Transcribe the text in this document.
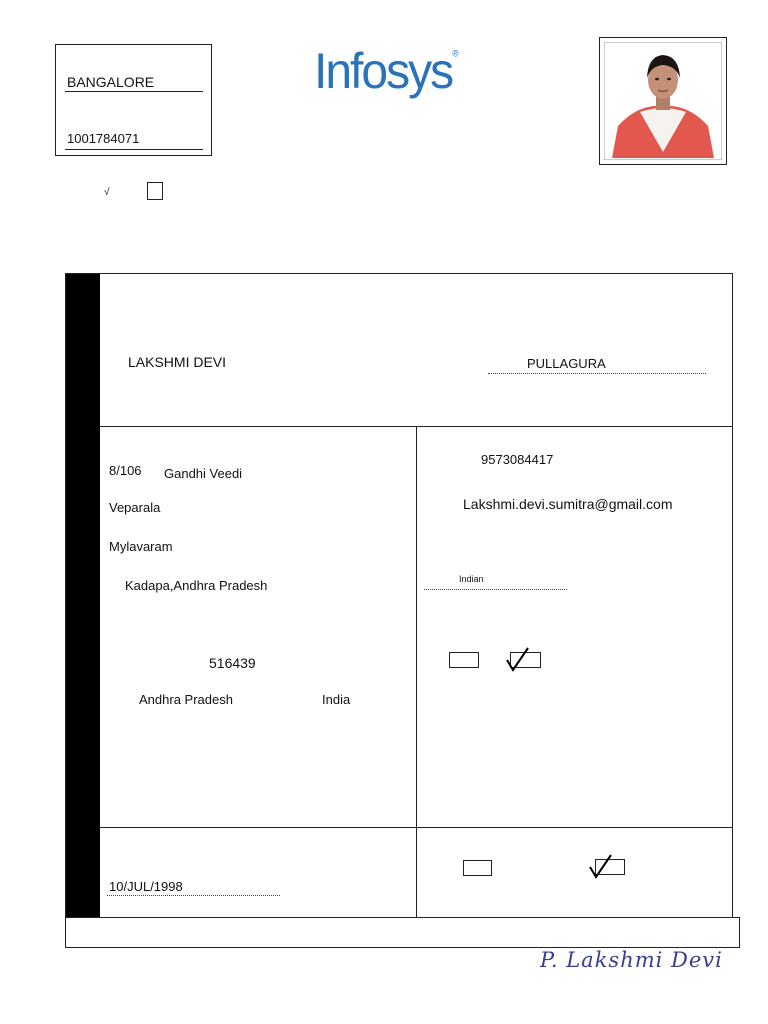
BANGALORE
1001784071
Infosys®
√
LAKSHMI DEVI	PULLAGURA
8/106 Gandhi Veedi
Veparala
Mylavaram
Kadapa,Andhra Pradesh
516439
Andhra Pradesh	India
9573084417
Lakshmi.devi.sumitra@gmail.com
Indian
10/JUL/1998
P. Lakshmi Devi
